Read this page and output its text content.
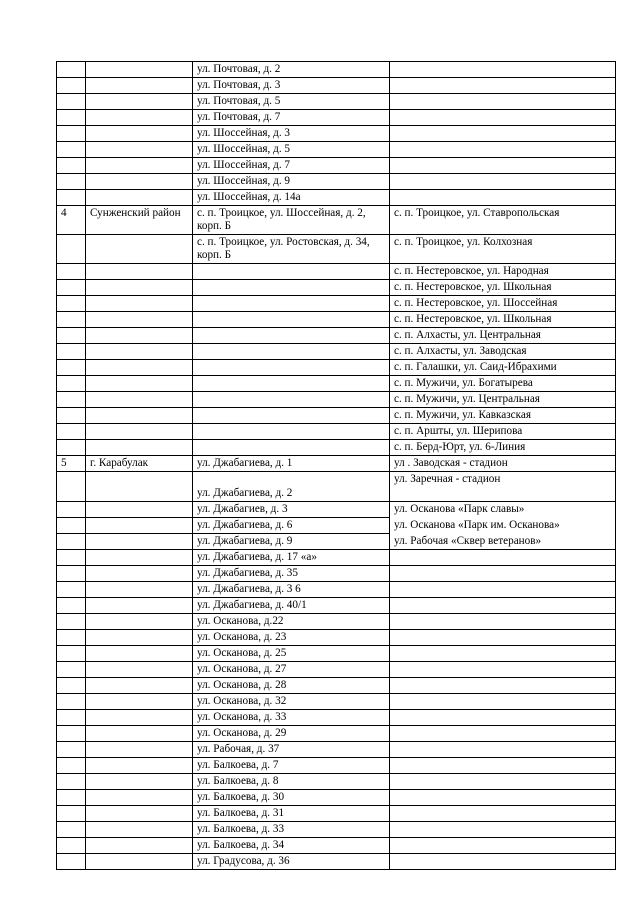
		ул. Почтовая, д. 2	
		ул. Почтовая, д. 3	
		ул. Почтовая, д. 5	
		ул. Почтовая, д. 7	
		ул. Шоссейная, д. 3	
		ул. Шоссейная, д. 5	
		ул. Шоссейная, д. 7	
		ул. Шоссейная, д. 9	
		ул. Шоссейная, д. 14а	
4	Сунженский район	с. п. Троицкое, ул. Шоссейная, д. 2, корп. Б	с. п. Троицкое, ул. Ставропольская
		с. п. Троицкое, ул. Ростовская, д. 34, корп. Б	с. п. Троицкое, ул. Колхозная
			с. п. Нестеровское, ул. Народная
			с. п. Нестеровское, ул. Школьная
			с. п. Нестеровское, ул. Шоссейная
			с. п. Нестеровское, ул. Школьная
			с. п. Алхасты, ул. Центральная
			с. п. Алхасты, ул. Заводская
			с. п. Галашки, ул. Саид-Ибрахими
			с. п. Мужичи, ул. Богатырева
			с. п. Мужичи, ул. Центральная
			с. п. Мужичи, ул. Кавказская
			с. п. Аршты, ул. Шерипова
			с. п. Берд-Юрт, ул. 6-Линия
5	г. Карабулак	ул. Джабагиева, д. 1	ул . Заводская - стадион
		ул. Джабагиева, д. 2	ул. Заречная - стадион
		ул. Джабагиев, д. 3	ул. Осканова «Парк славы»
		ул. Джабагиева, д. 6	ул. Осканова «Парк им. Осканова»
		ул. Джабагиева, д. 9	ул. Рабочая «Сквер ветеранов»
		ул. Джабагиева, д. 17 «а»	
		ул. Джабагиева, д. 35	
		ул. Джабагиева, д. 3 6	
		ул. Джабагиева, д. 40/1	
		ул. Осканова, д.22	
		ул. Осканова, д. 23	
		ул. Осканова, д. 25	
		ул. Осканова, д. 27	
		ул. Осканова, д. 28	
		ул. Осканова, д. 32	
		ул. Осканова, д. 33	
		ул. Осканова, д. 29	
		ул. Рабочая, д. 37	
		ул. Балкоева, д. 7	
		ул. Балкоева, д. 8	
		ул. Балкоева, д. 30	
		ул. Балкоева, д. 31	
		ул. Балкоева, д. 33	
		ул. Балкоева, д. 34	
		ул. Градусова, д. 36	
